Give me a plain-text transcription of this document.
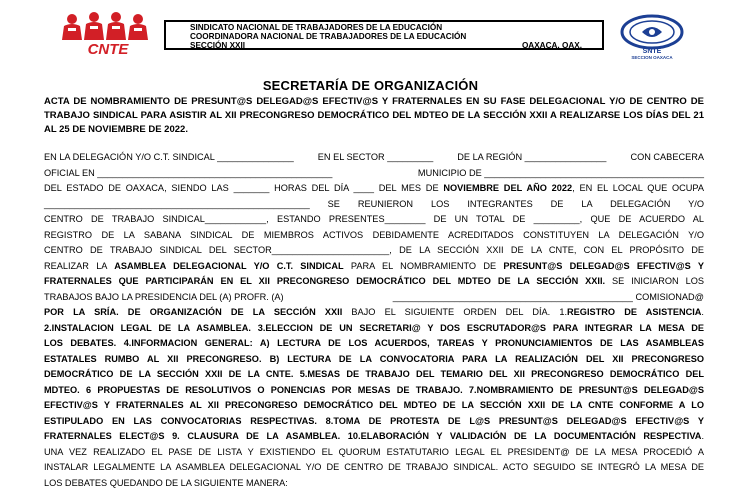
CNTE
SINDICATO NACIONAL DE TRABAJADORES DE LA EDUCACIÓN
COORDINADORA NACIONAL DE TRABAJADORES DE LA EDUCACIÓN
SECCIÓN XXII	OAXACA, OAX.
SNTE
SECCION OAXACA
SECRETARÍA DE ORGANIZACIÓN
ACTA DE NOMBRAMIENTO DE PRESUNT@S DELEGAD@S EFECTIV@S Y FRATERNALES EN SU FASE DELEGACIONAL Y/O DE CENTRO DE TRABAJO SINDICAL PARA ASISTIR AL XII PRECONGRESO DEMOCRÁTICO DEL MDTEO DE LA SECCIÓN XXII A REALIZARSE LOS DÍAS DEL 21 AL 25 DE NOVIEMBRE DE 2022.
EN LA DELEGACIÓN Y/O C.T. SINDICAL _______________	EN EL SECTOR _________	DE LA REGIÓN ________________	CON CABECERA
OFICIAL EN ______________________________________________	MUNICIPIO DE ___________________________________________
DEL ESTADO DE OAXACA, SIENDO LAS _______ HORAS DEL DÍA ____ DEL MES DE NOVIEMBRE DEL AÑO 2022, EN EL LOCAL QUE OCUPA
____________________________________________________ SE REUNIERON LOS INTEGRANTES DE LA DELEGACIÓN Y/O
CENTRO DE TRABAJO SINDICAL____________, ESTANDO PRESENTES________ DE UN TOTAL DE _________, QUE DE ACUERDO AL
REGISTRO DE LA SABANA SINDICAL DE MIEMBROS ACTIVOS DEBIDAMENTE ACREDITADOS CONSTITUYEN LA DELEGACIÓN Y/O
CENTRO DE TRABAJO SINDICAL DEL SECTOR_______________________, DE LA SECCIÓN XXII DE LA CNTE, CON EL PROPÓSITO DE
REALIZAR LA ASAMBLEA DELEGACIONAL Y/O C.T. SINDICAL PARA EL NOMBRAMIENTO DE PRESUNT@S DELEGAD@S EFECTIV@S Y
FRATERNALES QUE PARTICIPARÁN EN EL XII PRECONGRESO DEMOCRÁTICO DEL MDTEO DE LA SECCIÓN XXII. SE INICIARON LOS
TRABAJOS BAJO LA PRESIDENCIA DEL (A) PROFR. (A)	_______________________________________________ COMISIONAD@
POR LA SRÍA. DE ORGANIZACIÓN DE LA SECCIÓN XXII BAJO EL SIGUIENTE ORDEN DEL DÍA. 1.REGISTRO DE ASISTENCIA.
2.INSTALACION LEGAL DE LA ASAMBLEA. 3.ELECCION DE UN SECRETARI@ Y DOS ESCRUTADOR@S PARA INTEGRAR LA MESA DE
LOS DEBATES. 4.INFORMACION GENERAL: A) LECTURA DE LOS ACUERDOS, TAREAS Y PRONUNCIAMIENTOS DE LAS ASAMBLEAS
ESTATALES RUMBO AL XII PRECONGRESO. B) LECTURA DE LA CONVOCATORIA PARA LA REALIZACIÓN DEL XII PRECONGRESO
DEMOCRÁTICO DE LA SECCIÓN XXII DE LA CNTE. 5.MESAS DE TRABAJO DEL TEMARIO DEL XII PRECONGRESO DEMOCRÁTICO DEL
MDTEO. 6 PROPUESTAS DE RESOLUTIVOS O PONENCIAS POR MESAS DE TRABAJO. 7.NOMBRAMIENTO DE PRESUNT@S DELEGAD@S
EFECTIV@S Y FRATERNALES AL XII PRECONGRESO DEMOCRÁTICO DEL MDTEO DE LA SECCIÓN XXII DE LA CNTE CONFORME A LO
ESTIPULADO EN LAS CONVOCATORIAS RESPECTIVAS. 8.TOMA DE PROTESTA DE L@S PRESUNT@S DELEGAD@S EFECTIV@S Y
FRATERNALES ELECT@S 9. CLAUSURA DE LA ASAMBLEA. 10.ELABORACIÓN Y VALIDACIÓN DE LA DOCUMENTACIÓN RESPECTIVA.
UNA VEZ REALIZADO EL PASE DE LISTA Y EXISTIENDO EL QUORUM ESTATUTARIO LEGAL EL PRESIDENT@ DE LA MESA PROCEDIÓ A
INSTALAR LEGALMENTE LA ASAMBLEA DELEGACIONAL Y/O DE CENTRO DE TRABAJO SINDICAL. ACTO SEGUIDO SE INTEGRÓ LA MESA DE
LOS DEBATES QUEDANDO DE LA SIGUIENTE MANERA:
